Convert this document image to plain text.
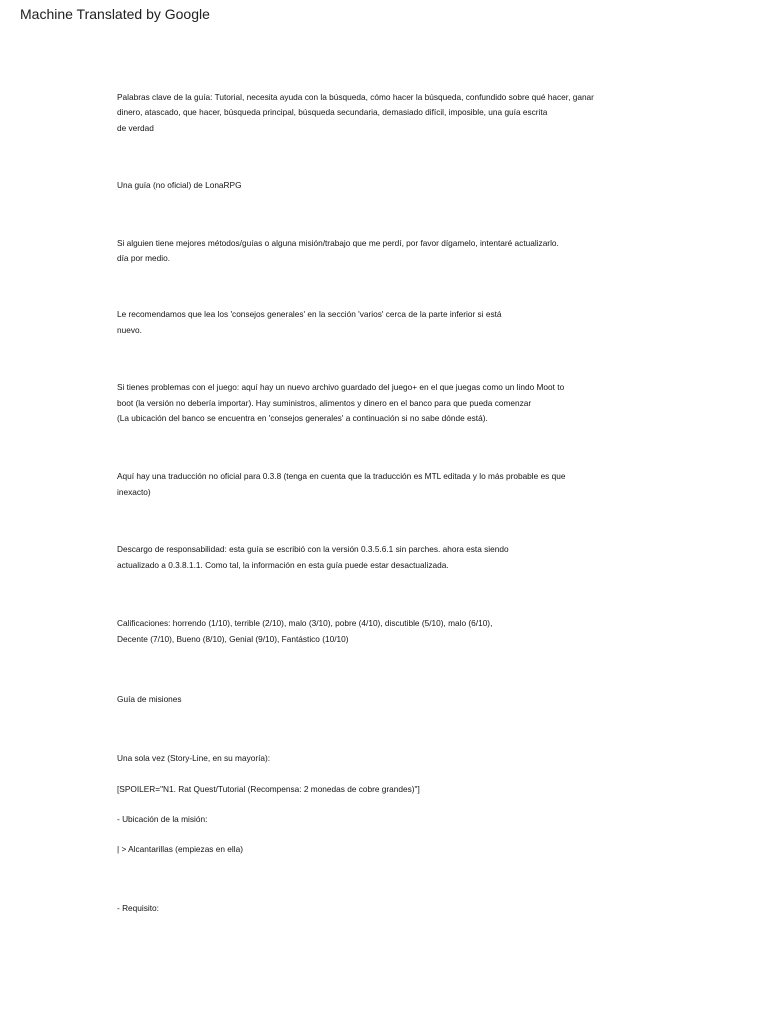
Machine Translated by Google

Palabras clave de la guía: Tutorial, necesita ayuda con la búsqueda, cómo hacer la búsqueda, confundido sobre qué hacer, ganar
dinero, atascado, que hacer, búsqueda principal, búsqueda secundaria, demasiado difícil, imposible, una guía escrita
de verdad

Una guía (no oficial) de LonaRPG

Si alguien tiene mejores métodos/guías o alguna misión/trabajo que me perdí, por favor dígamelo, intentaré actualizarlo.
día por medio.

Le recomendamos que lea los 'consejos generales' en la sección 'varios' cerca de la parte inferior si está
nuevo.

Si tienes problemas con el juego: aquí hay un nuevo archivo guardado del juego+ en el que juegas como un lindo Moot to
boot (la versión no debería importar). Hay suministros, alimentos y dinero en el banco para que pueda comenzar
(La ubicación del banco se encuentra en 'consejos generales' a continuación si no sabe dónde está).

Aquí hay una traducción no oficial para 0.3.8 (tenga en cuenta que la traducción es MTL editada y lo más probable es que
inexacto)

Descargo de responsabilidad: esta guía se escribió con la versión 0.3.5.6.1 sin parches. ahora esta siendo
actualizado a 0.3.8.1.1. Como tal, la información en esta guía puede estar desactualizada.

Calificaciones: horrendo (1/10), terrible (2/10), malo (3/10), pobre (4/10), discutible (5/10), malo (6/10),
Decente (7/10), Bueno (8/10), Genial (9/10), Fantástico (10/10)

Guía de misiones

Una sola vez (Story-Line, en su mayoría):

[SPOILER="N1. Rat Quest/Tutorial (Recompensa: 2 monedas de cobre grandes)"]

- Ubicación de la misión:

| > Alcantarillas (empiezas en ella)

- Requisito:
